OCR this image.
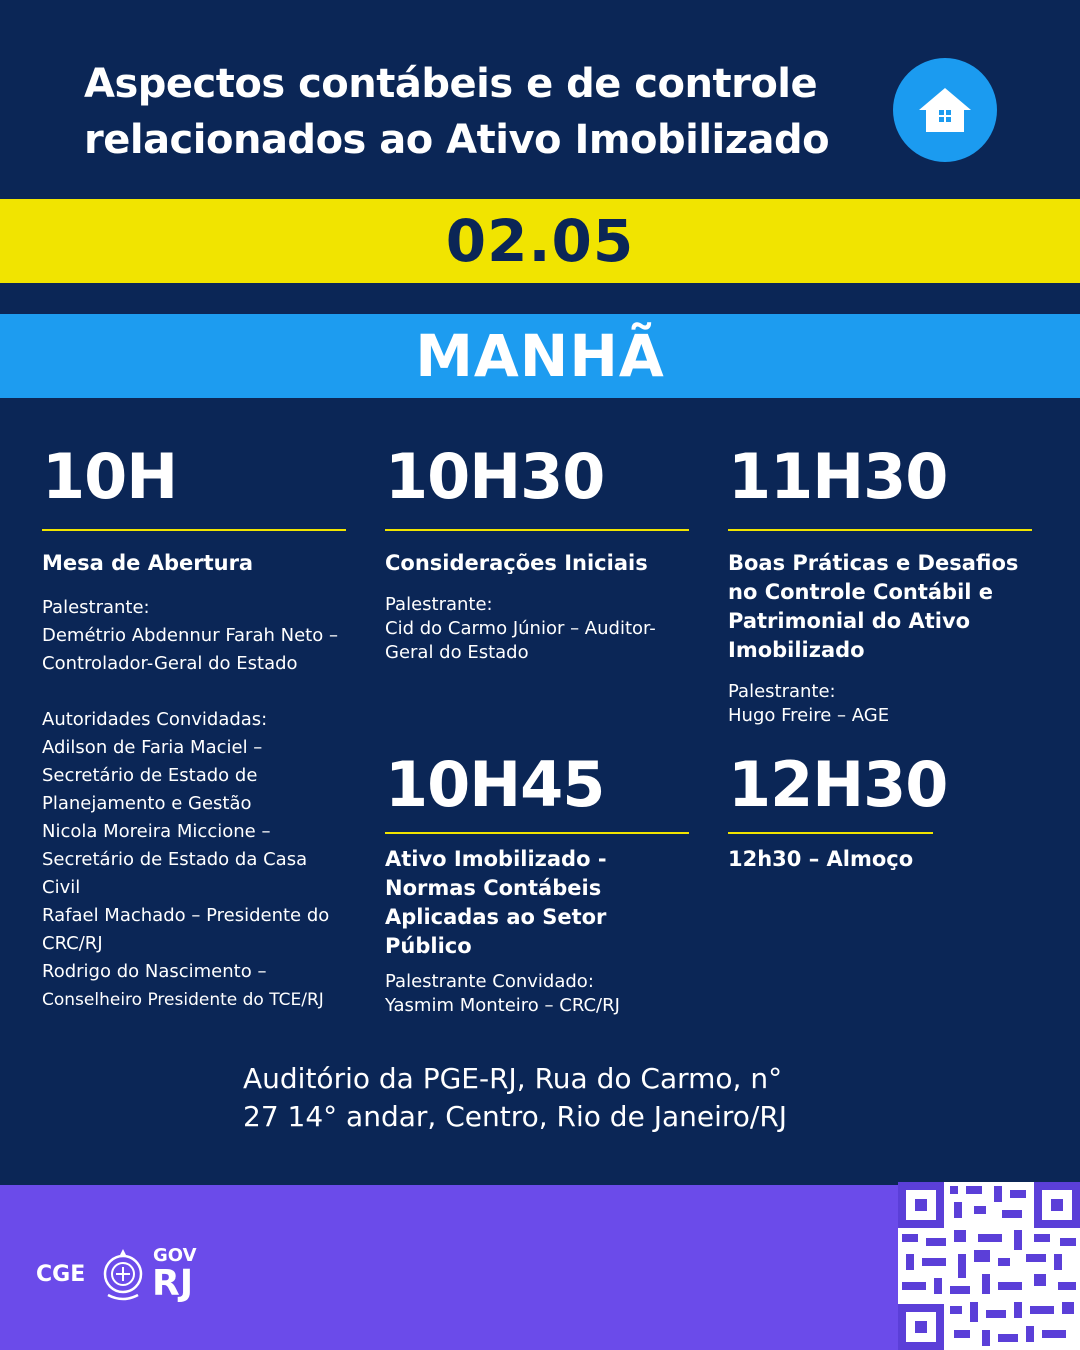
Aspectos contábeis e de controle
relacionados ao Ativo Imobilizado
02.05
MANHÃ
10H
Mesa de Abertura
Palestrante:
Demétrio Abdennur Farah Neto –
Controlador-Geral do Estado
Autoridades Convidadas:
Adilson de Faria Maciel –
Secretário de Estado de
Planejamento e Gestão
Nicola Moreira Miccione –
Secretário de Estado da Casa
Civil
Rafael Machado – Presidente do
CRC/RJ
Rodrigo do Nascimento –
Conselheiro Presidente do TCE/RJ
10H30
Considerações Iniciais
Palestrante:
Cid do Carmo Júnior – Auditor-
Geral do Estado
11H30
Boas Práticas e Desafios
no Controle Contábil e
Patrimonial do Ativo
Imobilizado
Palestrante:
Hugo Freire – AGE
10H45
Ativo Imobilizado -
Normas Contábeis
Aplicadas ao Setor
Público
Palestrante Convidado:
Yasmim Monteiro – CRC/RJ
12H30
12h30 – Almoço
Auditório da PGE-RJ, Rua do Carmo, n°
27 14° andar, Centro, Rio de Janeiro/RJ
CGE
GOV
RJ
